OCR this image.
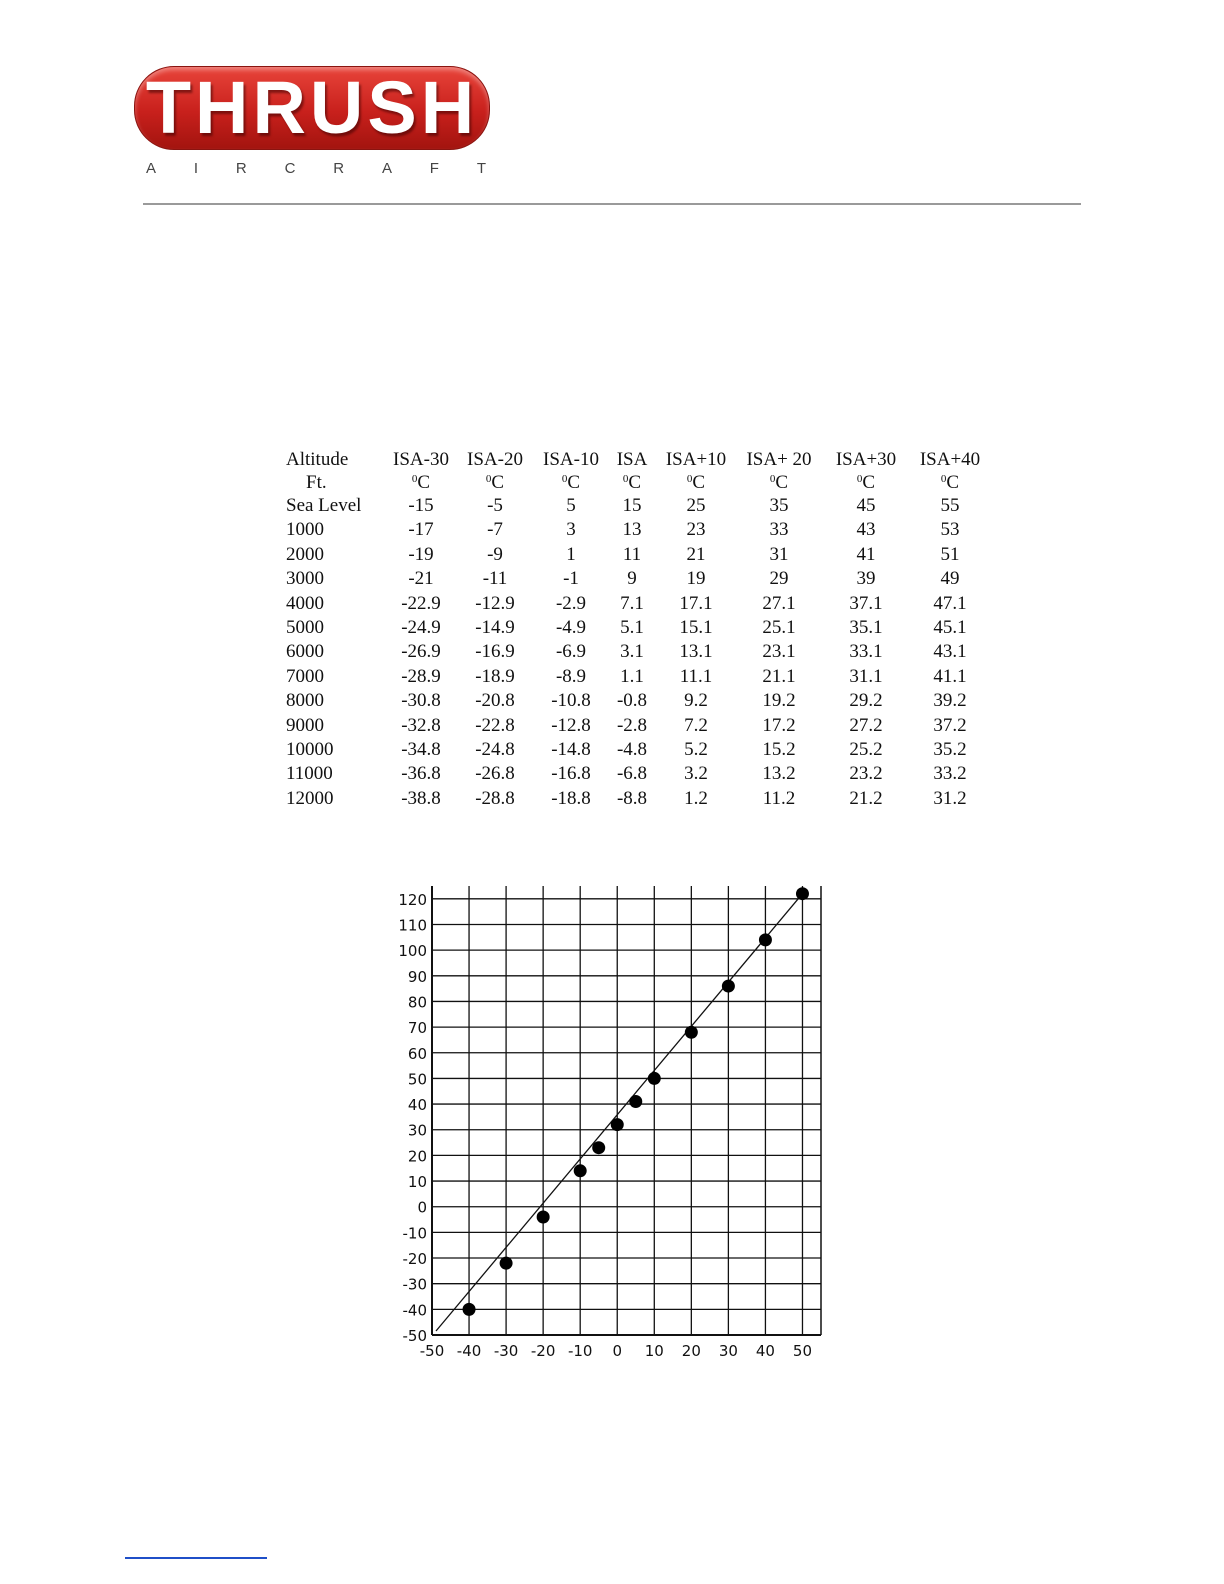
THRUSH
A	I	R	C	R	A	F	T
Altitude	ISA-30	ISA-20	ISA-10	ISA	ISA+10	ISA+ 20	ISA+30	ISA+40
Ft.	$^0$C	$^0$C	$^0$C	$^0$C	$^0$C	$^0$C	$^0$C	$^0$C
Sea Level	-15	-5	5	15	25	35	45	55
1000	-17	-7	3	13	23	33	43	53
2000	-19	-9	1	11	21	31	41	51
3000	-21	-11	-1	9	19	29	39	49
4000	-22.9	-12.9	-2.9	7.1	17.1	27.1	37.1	47.1
5000	-24.9	-14.9	-4.9	5.1	15.1	25.1	35.1	45.1
6000	-26.9	-16.9	-6.9	3.1	13.1	23.1	33.1	43.1
7000	-28.9	-18.9	-8.9	1.1	11.1	21.1	31.1	41.1
8000	-30.8	-20.8	-10.8	-0.8	9.2	19.2	29.2	39.2
9000	-32.8	-22.8	-12.8	-2.8	7.2	17.2	27.2	37.2
10000	-34.8	-24.8	-14.8	-4.8	5.2	15.2	25.2	35.2
11000	-36.8	-26.8	-16.8	-6.8	3.2	13.2	23.2	33.2
12000	-38.8	-28.8	-18.8	-8.8	1.2	11.2	21.2	31.2
-50 -40 -30 -20 -10 0 10 20 30 40 50
120
110
100
90
80
70
60
50
40
30
20
10
0
-10
-20
-30
-40
-50
